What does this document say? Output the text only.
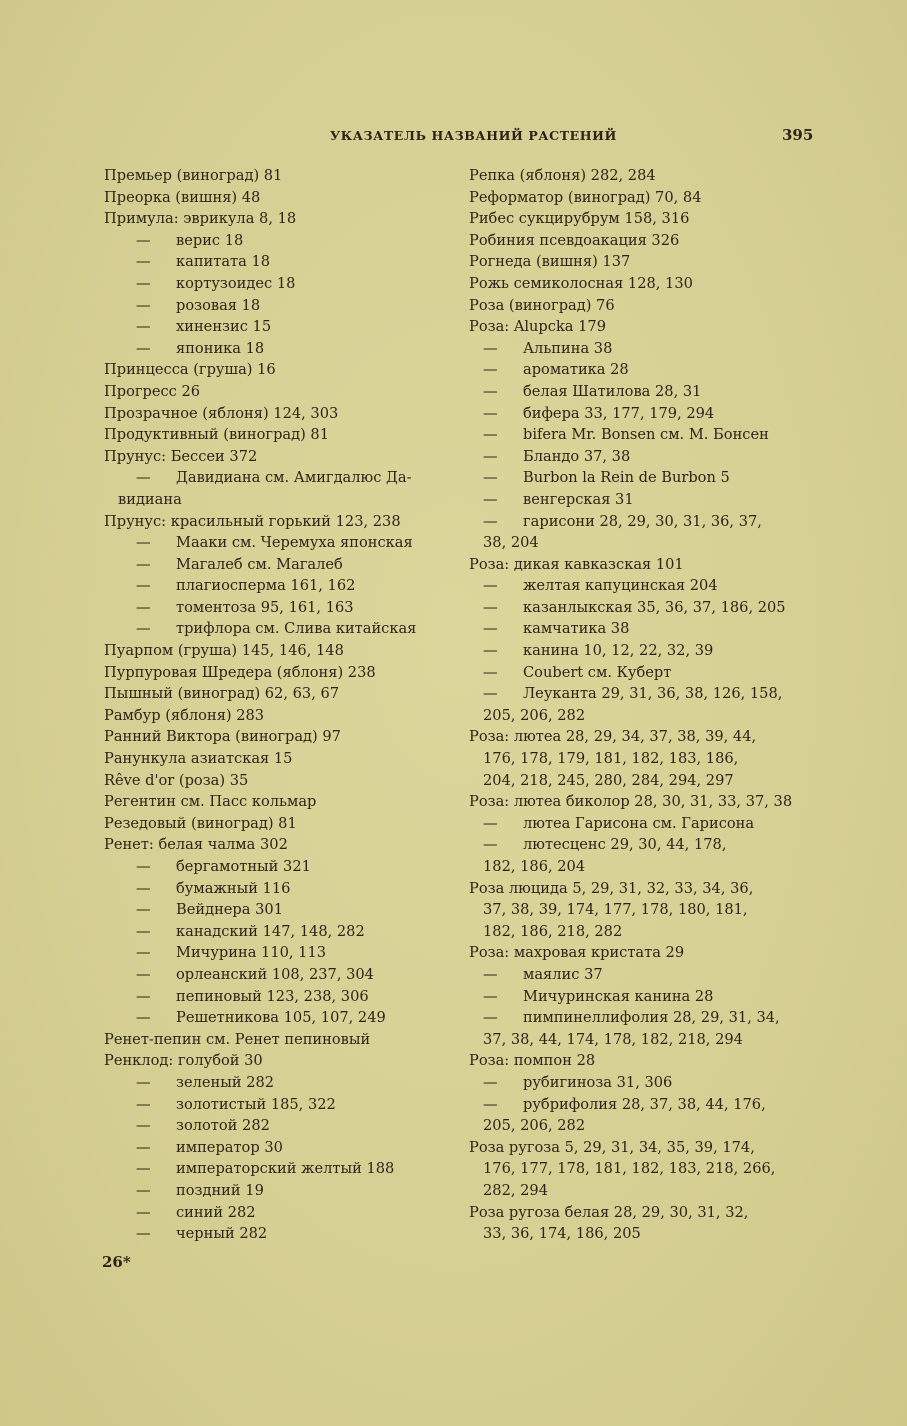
УКАЗАТЕЛЬ НАЗВАНИЙ РАСТЕНИЙ	395
Премьер (виноград) 81
Преорка (вишня) 48
Примула: эврикула 8, 18
— верис 18
— капитата 18
— кортузоидес 18
— розовая 18
— хинензис 15
— японика 18
Принцесса (груша) 16
Прогресс 26
Прозрачное (яблоня) 124, 303
Продуктивный (виноград) 81
Прунус: Бессеи 372
— Давидиана см. Амигдалюс Да-
видиана
Прунус: красильный горький 123, 238
— Мааки см. Черемуха японская
— Магалеб см. Магалеб
— плагиосперма 161, 162
— томентоза 95, 161, 163
— трифлора см. Слива китайская
Пуарпом (груша) 145, 146, 148
Пурпуровая Шредера (яблоня) 238
Пышный (виноград) 62, 63, 67
Рамбур (яблоня) 283
Ранний Виктора (виноград) 97
Ранункула азиатская 15
Rêve d'or (роза) 35
Регентин см. Пасс кольмар
Резедовый (виноград) 81
Ренет: белая чалма 302
— бергамотный 321
— бумажный 116
— Вейднера 301
— канадский 147, 148, 282
— Мичурина 110, 113
— орлеанский 108, 237, 304
— пепиновый 123, 238, 306
— Решетникова 105, 107, 249
Ренет-пепин см. Ренет пепиновый
Ренклод: голубой 30
— зеленый 282
— золотистый 185, 322
— золотой 282
— император 30
— императорский желтый 188
— поздний 19
— синий 282
— черный 282
Репка (яблоня) 282, 284
Реформатор (виноград) 70, 84
Рибес сукцирубрум 158, 316
Робиния псевдоакация 326
Рогнеда (вишня) 137
Рожь семиколосная 128, 130
Роза (виноград) 76
Роза: Alupcka 179
— Альпина 38
— ароматика 28
— белая Шатилова 28, 31
— бифера 33, 177, 179, 294
— bifera Mr. Bonsen см. М. Бонсен
— Бландо 37, 38
— Burbon la Rein de Burbon 5
— венгерская 31
— гарисони 28, 29, 30, 31, 36, 37,
38, 204
Роза: дикая кавказская 101
— желтая капуцинская 204
— казанлыкская 35, 36, 37, 186, 205
— камчатика 38
— канина 10, 12, 22, 32, 39
— Coubert см. Куберт
— Леуканта 29, 31, 36, 38, 126, 158,
205, 206, 282
Роза: лютеа 28, 29, 34, 37, 38, 39, 44,
176, 178, 179, 181, 182, 183, 186,
204, 218, 245, 280, 284, 294, 297
Роза: лютеа биколор 28, 30, 31, 33, 37, 38
— лютеа Гарисона см. Гарисона
— лютесценс 29, 30, 44, 178,
182, 186, 204
Роза люцида 5, 29, 31, 32, 33, 34, 36,
37, 38, 39, 174, 177, 178, 180, 181,
182, 186, 218, 282
Роза: махровая кристата 29
— маялис 37
— Мичуринская канина 28
— пимпинеллифолия 28, 29, 31, 34,
37, 38, 44, 174, 178, 182, 218, 294
Роза: помпон 28
— рубигиноза 31, 306
— рубрифолия 28, 37, 38, 44, 176,
205, 206, 282
Роза ругоза 5, 29, 31, 34, 35, 39, 174,
176, 177, 178, 181, 182, 183, 218, 266,
282, 294
Роза ругоза белая 28, 29, 30, 31, 32,
33, 36, 174, 186, 205
26*
